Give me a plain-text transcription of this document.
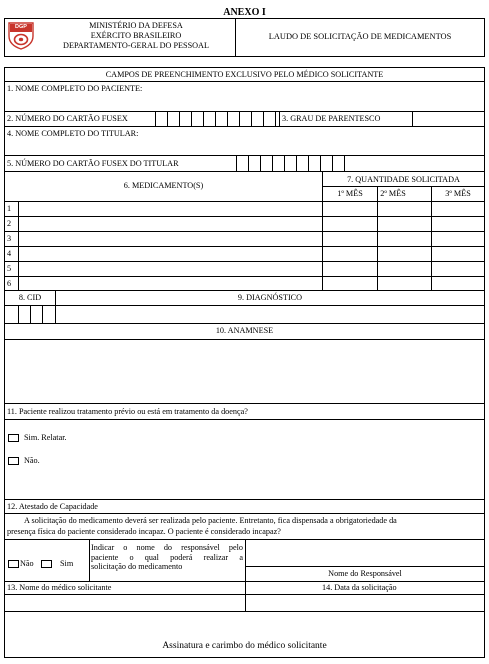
ANEXO I
DGP	MINISTÉRIO DA DEFESA
EXÉRCITO BRASILEIRO
DEPARTAMENTO-GERAL DO PESSOAL
LAUDO DE SOLICITAÇÃO DE MEDICAMENTOS
CAMPOS DE PREENCHIMENTO EXCLUSIVO PELO MÉDICO SOLICITANTE
1. NOME COMPLETO DO PACIENTE:
2. NÚMERO DO CARTÃO FUSEX	3. GRAU DE PARENTESCO
4. NOME COMPLETO DO TITULAR:
5. NÚMERO DO CARTÃO FUSEX DO TITULAR
6. MEDICAMENTO(S)
7. QUANTIDADE SOLICITADA
1º MÊS	2º MÊS	3º MÊS
1
2
3
4
5
6
8. CID	9. DIAGNÓSTICO
10. ANAMNESE
11. Paciente realizou tratamento prévio ou está em tratamento da doença?
Sim. Relatar.
Não.
12. Atestado de Capacidade
A solicitação do medicamento deverá ser realizada pelo paciente. Entretanto, fica dispensada a obrigatoriedade da
presença física do paciente considerado incapaz. O paciente é considerado incapaz?
Não	Sim
Indicar o nome do responsável pelo
paciente o qual poderá realizar a
solicitação do medicamento
Nome do Responsável
13. Nome do médico solicitante	14. Data da solicitação
Assinatura e carimbo do médico solicitante
